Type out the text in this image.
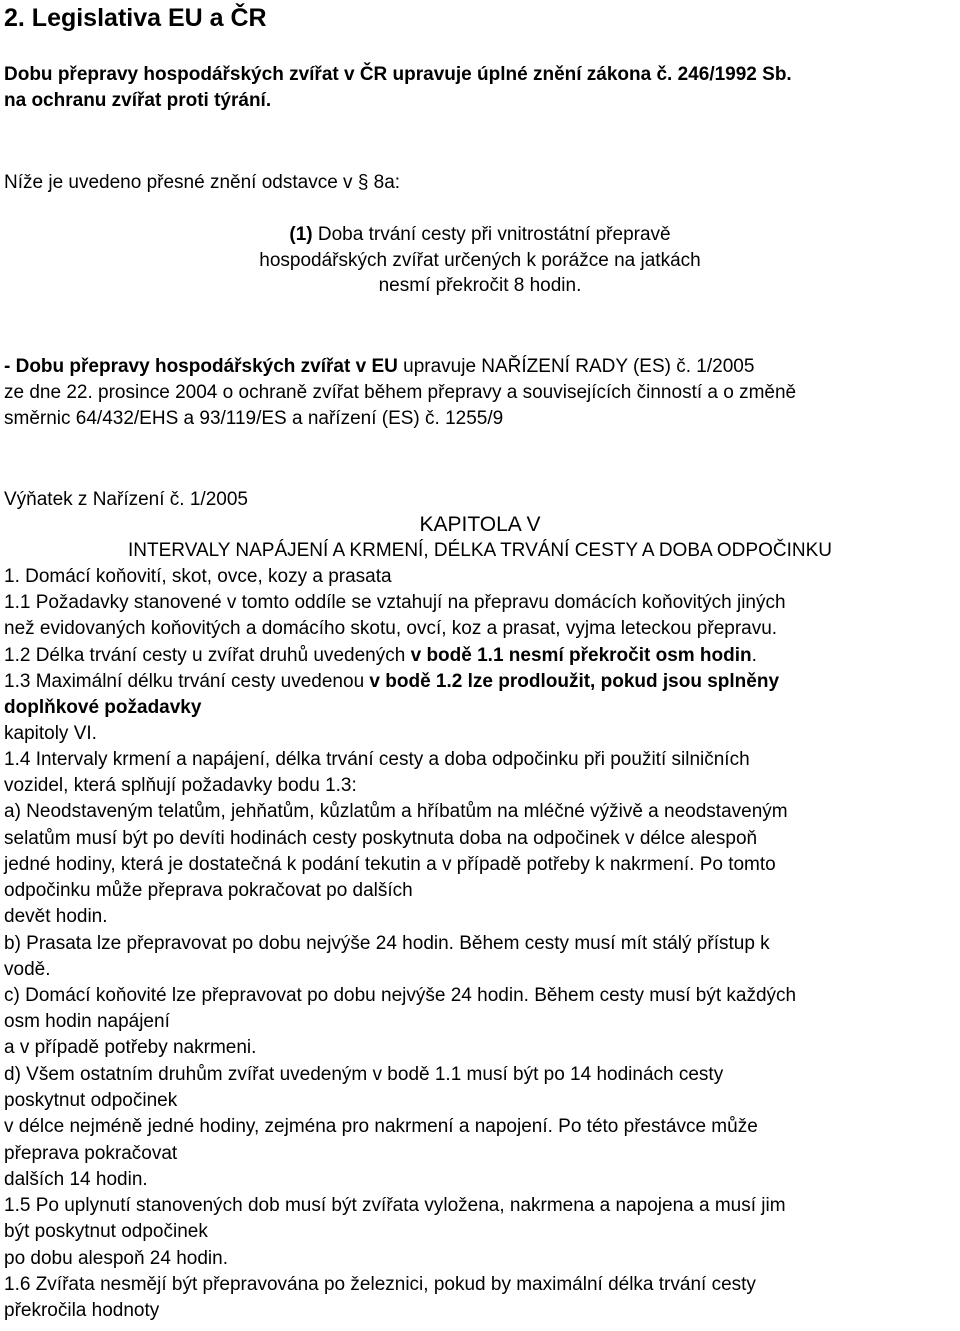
2. Legislativa EU a ČR
Dobu přepravy hospodářských zvířat v ČR upravuje úplné znění zákona č. 246/1992 Sb.
na ochranu zvířat proti týrání.
Níže je uvedeno přesné znění odstavce v § 8a:
(1) Doba trvání cesty při vnitrostátní přepravě
hospodářských zvířat určených k porážce na jatkách
nesmí překročit 8 hodin.
- Dobu přepravy hospodářských zvířat v EU upravuje NAŘÍZENÍ RADY (ES) č. 1/2005
ze dne 22. prosince 2004 o ochraně zvířat během přepravy a souvisejících činností a o změně
směrnic 64/432/EHS a 93/119/ES a nařízení (ES) č. 1255/9
Výňatek z Nařízení č. 1/2005
KAPITOLA V
INTERVALY NAPÁJENÍ A KRMENÍ, DÉLKA TRVÁNÍ CESTY A DOBA ODPOČINKU
1. Domácí koňovití, skot, ovce, kozy a prasata
1.1 Požadavky stanovené v tomto oddíle se vztahují na přepravu domácích koňovitých jiných
než evidovaných koňovitých a domácího skotu, ovcí, koz a prasat, vyjma leteckou přepravu.
1.2 Délka trvání cesty u zvířat druhů uvedených v bodě 1.1 nesmí překročit osm hodin.
1.3 Maximální délku trvání cesty uvedenou v bodě 1.2 lze prodloužit, pokud jsou splněny
doplňkové požadavky
kapitoly VI.
1.4 Intervaly krmení a napájení, délka trvání cesty a doba odpočinku při použití silničních
vozidel, která splňují požadavky bodu 1.3:
a) Neodstaveným telatům, jehňatům, kůzlatům a hříbatům na mléčné výživě a neodstaveným
selatům musí být po devíti hodinách cesty poskytnuta doba na odpočinek v délce alespoň
jedné hodiny, která je dostatečná k podání tekutin a v případě potřeby k nakrmení. Po tomto
odpočinku může přeprava pokračovat po dalších
devět hodin.
b) Prasata lze přepravovat po dobu nejvýše 24 hodin. Během cesty musí mít stálý přístup k
vodě.
c) Domácí koňovité lze přepravovat po dobu nejvýše 24 hodin. Během cesty musí být každých
osm hodin napájení
a v případě potřeby nakrmeni.
d) Všem ostatním druhům zvířat uvedeným v bodě 1.1 musí být po 14 hodinách cesty
poskytnut odpočinek
v délce nejméně jedné hodiny, zejména pro nakrmení a napojení. Po této přestávce může
přeprava pokračovat
dalších 14 hodin.
1.5 Po uplynutí stanovených dob musí být zvířata vyložena, nakrmena a napojena a musí jim
být poskytnut odpočinek
po dobu alespoň 24 hodin.
1.6 Zvířata nesmějí být přepravována po železnici, pokud by maximální délka trvání cesty
překročila hodnoty
